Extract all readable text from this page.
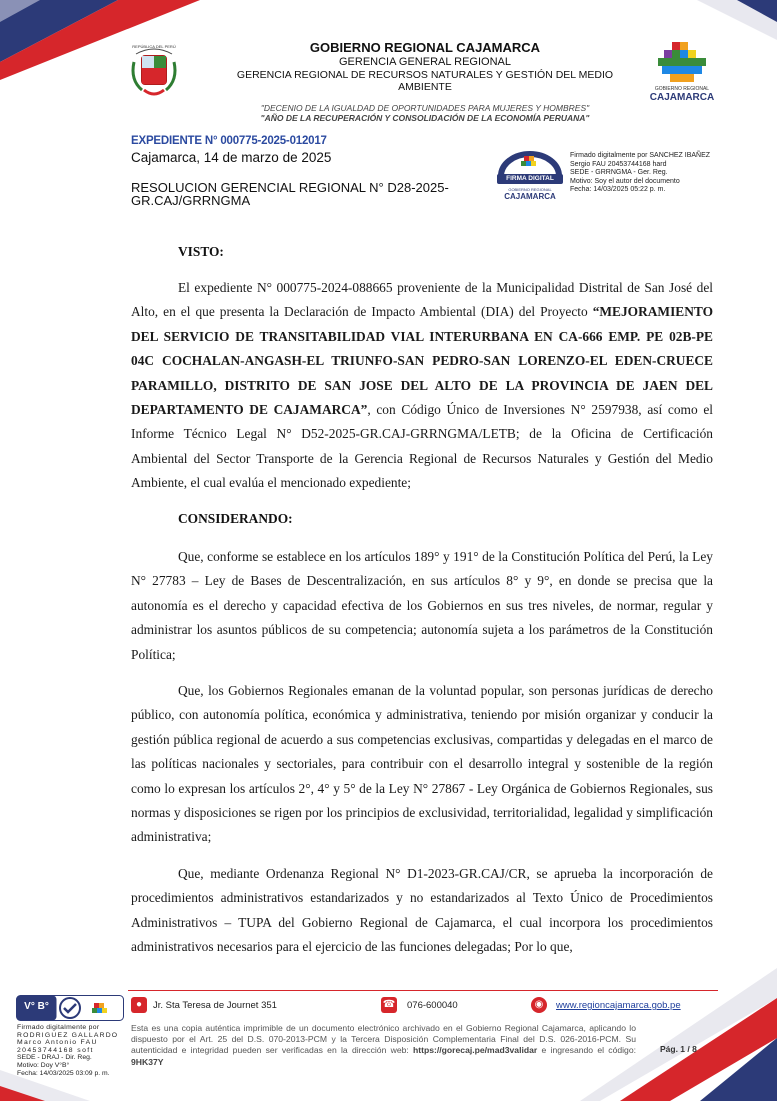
REPÚBLICA DEL PERÚ	GOBIERNO REGIONAL CAJAMARCA
GERENCIA GENERAL REGIONAL
GERENCIA REGIONAL DE RECURSOS NATURALES Y GESTIÓN DEL MEDIO
AMBIENTE	GOBIERNO REGIONAL
CAJAMARCA
"DECENIO DE LA IGUALDAD DE OPORTUNIDADES PARA MUJERES Y HOMBRES"
"AÑO DE LA RECUPERACIÓN Y CONSOLIDACIÓN DE LA ECONOMÍA PERUANA"
EXPEDIENTE N° 000775-2025-012017
Cajamarca, 14 de marzo de 2025
RESOLUCION GERENCIAL REGIONAL N° D28-2025-
GR.CAJ/GRRNGMA
FIRMA DIGITAL
GOBIERNO REGIONAL
CAJAMARCA
Firmado digitalmente por SANCHEZ IBAÑEZ
Sergio FAU 20453744168 hard
SEDE - GRRNGMA - Ger. Reg.
Motivo: Soy el autor del documento
Fecha: 14/03/2025 05:22 p. m.
VISTO:

El expediente N° 000775-2024-088665 proveniente de la Municipalidad Distrital de San José del Alto, en el que presenta la Declaración de Impacto Ambiental (DIA) del Proyecto “MEJORAMIENTO DEL SERVICIO DE TRANSITABILIDAD VIAL INTERURBANA EN CA-666 EMP. PE 02B-PE 04C COCHALAN-ANGASH-EL TRIUNFO-SAN PEDRO-SAN LORENZO-EL EDEN-CRUECE PARAMILLO, DISTRITO DE SAN JOSE DEL ALTO DE LA PROVINCIA DE JAEN DEL DEPARTAMENTO DE CAJAMARCA”, con Código Único de Inversiones N° 2597938, así como el Informe Técnico Legal N° D52-2025-GR.CAJ-GRRNGMA/LETB; de la Oficina de Certificación Ambiental del Sector Transporte de la Gerencia Regional de Recursos Naturales y Gestión del Medio Ambiente, el cual evalúa el mencionado expediente;

CONSIDERANDO:

Que, conforme se establece en los artículos 189° y 191° de la Constitución Política del Perú, la Ley N° 27783 – Ley de Bases de Descentralización, en sus artículos 8° y 9°, en donde se precisa que la autonomía es el derecho y capacidad efectiva de los Gobiernos en sus tres niveles, de normar, regular y administrar los asuntos públicos de su competencia; autonomía sujeta a los parámetros de la Constitución Política;

Que, los Gobiernos Regionales emanan de la voluntad popular, son personas jurídicas de derecho público, con autonomía política, económica y administrativa, teniendo por misión organizar y conducir la gestión pública regional de acuerdo a sus competencias exclusivas, compartidas y delegadas en el marco de las políticas nacionales y sectoriales, para contribuir con el desarrollo integral y sostenible de la región como lo expresan los artículos 2°, 4° y 5° de la Ley N° 27867 - Ley Orgánica de Gobiernos Regionales, sus normas y disposiciones se rigen por los principios de exclusividad, territorialidad, legalidad y simplificación administrativa;

Que, mediante Ordenanza Regional N° D1-2023-GR.CAJ/CR, se aprueba la incorporación de procedimientos administrativos estandarizados y no estandarizados al Texto Único de Procedimientos Administrativos – TUPA del Gobierno Regional de Cajamarca, el cual incorpora los procedimientos administrativos necesarios para el ejercicio de las funciones delegadas; Por lo que,

V° B°
Firmado digitalmente por
RODRIGUEZ GALLARDO
Marco Antonio FAU
20453744168 soft
SEDE - DRAJ - Dir. Reg.
Motivo: Doy V°B°
Fecha: 14/03/2025 03:09 p. m.
●	Jr. Sta Teresa de Journet 351	☎ 076-600040	◉	www.regioncajamarca.gob.pe
Esta es una copia auténtica imprimible de un documento electrónico archivado en el Gobierno Regional Cajamarca, aplicando lo dispuesto por el Art. 25 del D.S. 070-2013-PCM y la Tercera Disposición Complementaria Final del D.S. 026-2016-PCM. Su autenticidad e integridad pueden ser verificadas en la dirección web: https://gorecaj.pe/mad3validar e ingresando el código: 9HK37Y
Pág. 1 / 8
